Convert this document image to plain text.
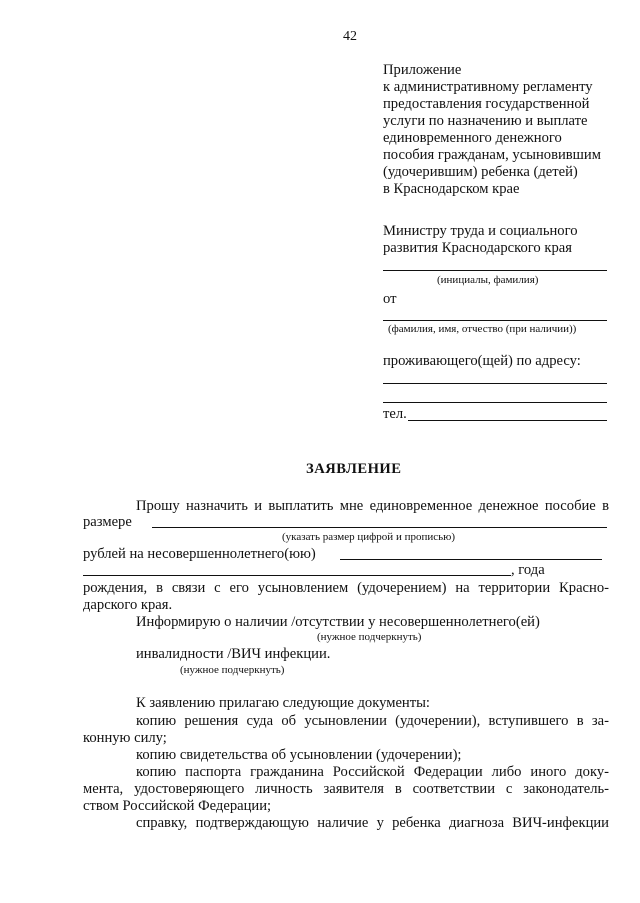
42
Приложение
к административному регламенту
предоставления государственной
услуги по назначению и выплате
единовременного денежного
пособия гражданам, усыновившим
(удочерившим) ребенка (детей)
в Краснодарском крае
Министру труда и социального
развития Краснодарского края
(инициалы, фамилия)
от
(фамилия, имя, отчество (при наличии))
проживающего(щей) по адресу:
тел.
ЗАЯВЛЕНИЕ
Прошу назначить и выплатить мне единовременное денежное пособие в
размере
(указать размер цифрой и прописью)
рублей на несовершеннолетнего(юю)
, года
рождения, в связи с его усыновлением (удочерением) на территории Красно-
дарского края.
Информирую о наличии /отсутствии у несовершеннолетнего(ей)
(нужное подчеркнуть)
инвалидности /ВИЧ инфекции.
(нужное подчеркнуть)
К заявлению прилагаю следующие документы:
копию решения суда об усыновлении (удочерении), вступившего в за-
конную силу;
копию свидетельства об усыновлении (удочерении);
копию паспорта гражданина Российской Федерации либо иного доку-
мента, удостоверяющего личность заявителя в соответствии с законодатель-
ством Российской Федерации;
справку, подтверждающую наличие у ребенка диагноза ВИЧ-инфекции
